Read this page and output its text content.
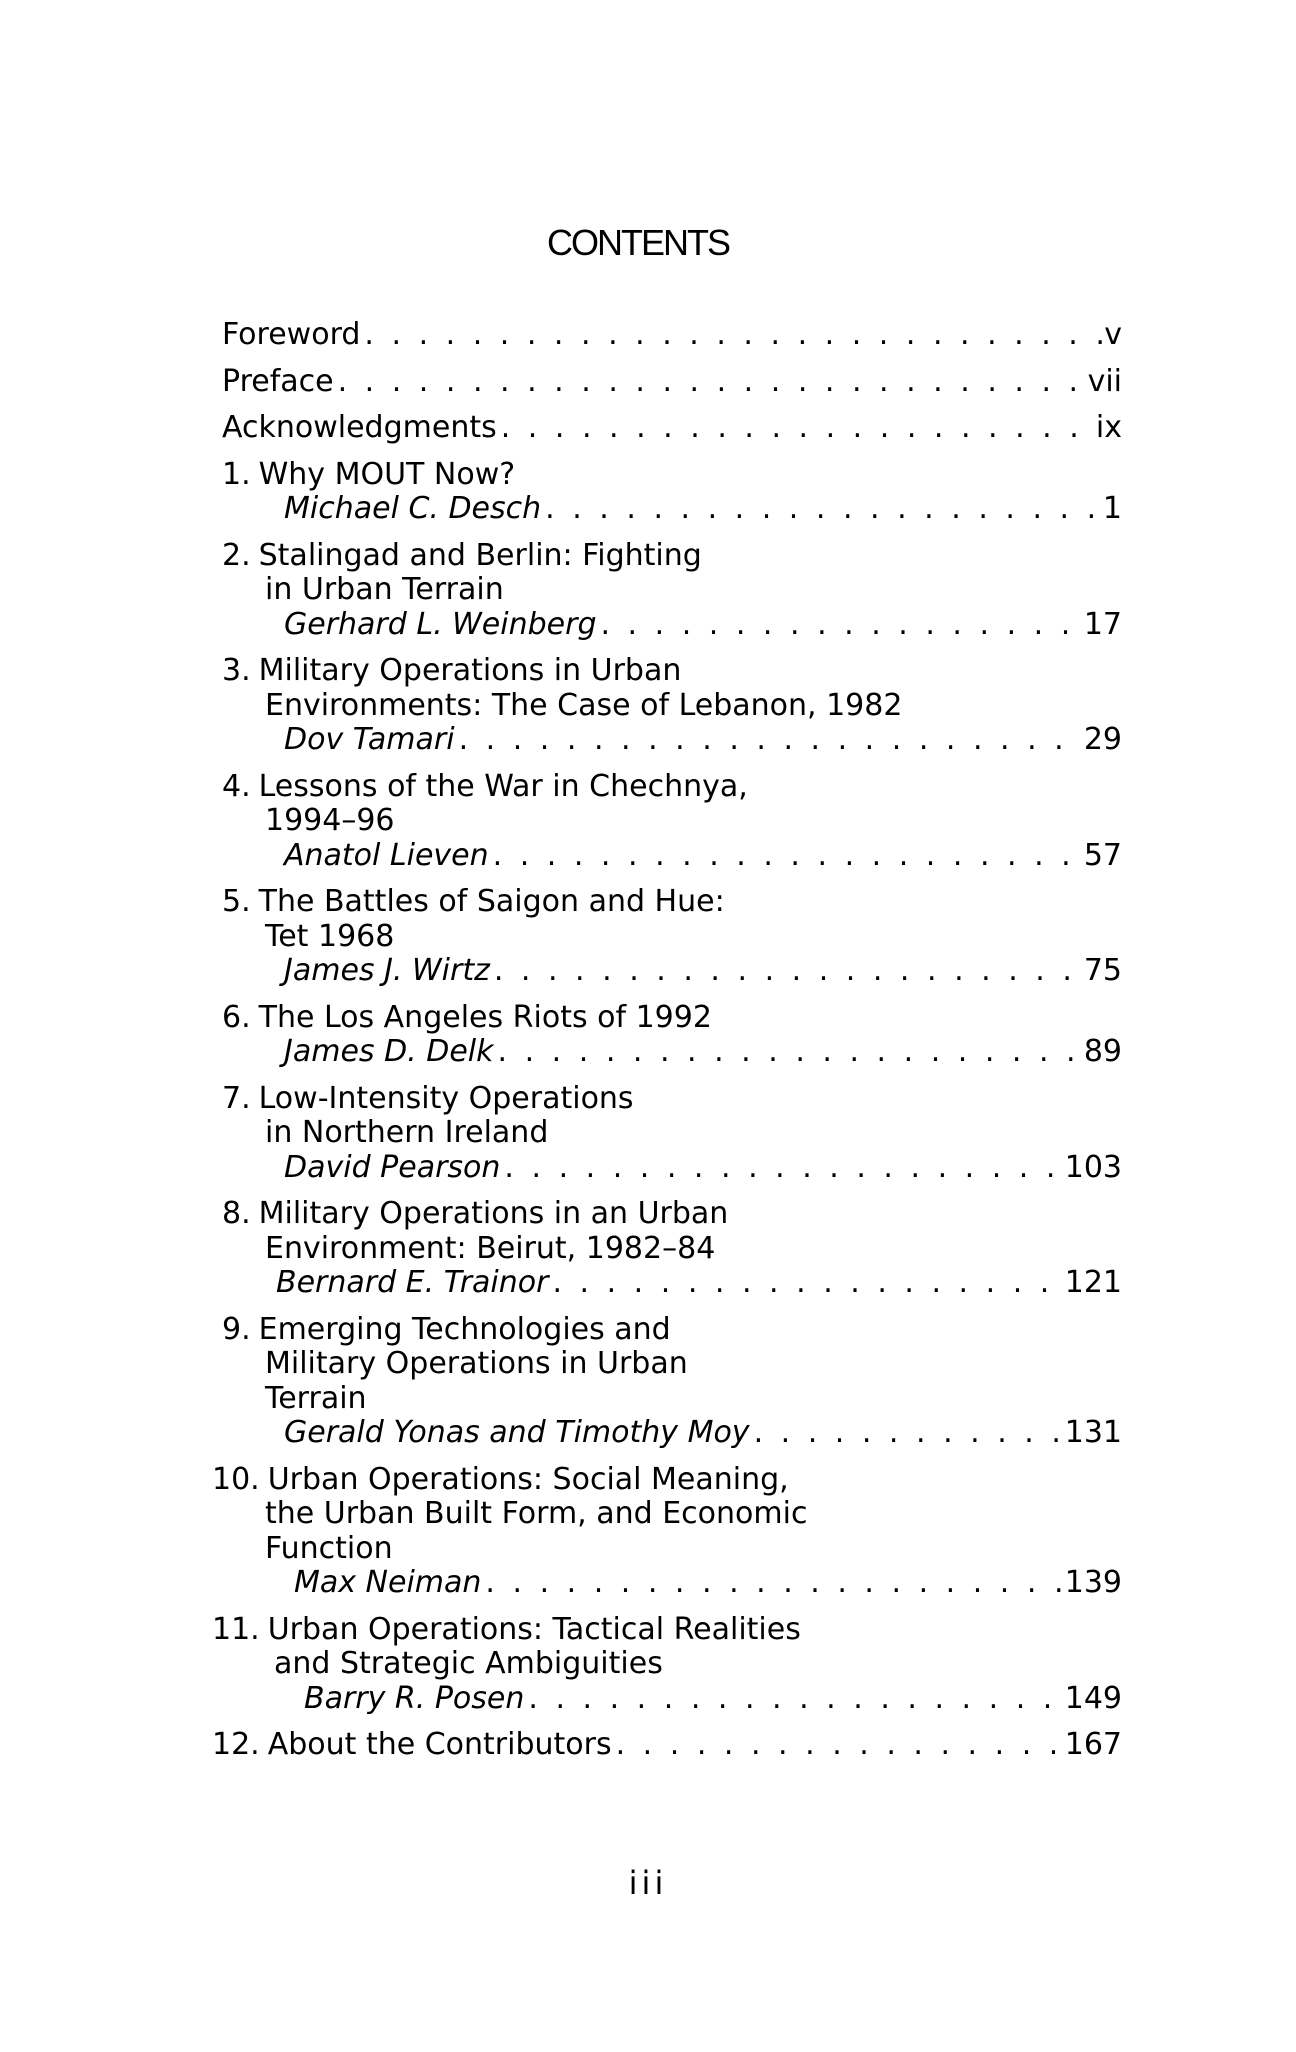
CONTENTS
Foreword . . .	v
Preface . . .	vii
Acknowledgments . . .	ix
1. Why MOUT Now?
Michael C. Desch . . .	1
2. Stalingad and Berlin: Fighting
in Urban Terrain
Gerhard L. Weinberg . . .	17
3. Military Operations in Urban
Environments: The Case of Lebanon, 1982
Dov Tamari . . .	29
4. Lessons of the War in Chechnya,
1994–96
Anatol Lieven . . .	57
5. The Battles of Saigon and Hue:
Tet 1968
James J. Wirtz . . .	75
6. The Los Angeles Riots of 1992
James D. Delk . . .	89
7. Low-Intensity Operations
in Northern Ireland
David Pearson . . .	103
8. Military Operations in an Urban
Environment: Beirut, 1982–84
Bernard E. Trainor . . .	121
9. Emerging Technologies and
Military Operations in Urban
Terrain
Gerald Yonas and Timothy Moy . . .	131
10. Urban Operations: Social Meaning,
the Urban Built Form, and Economic
Function
Max Neiman . . .	139
11. Urban Operations: Tactical Realities
and Strategic Ambiguities
Barry R. Posen . . .	149
12. About the Contributors . . .	167
iii
